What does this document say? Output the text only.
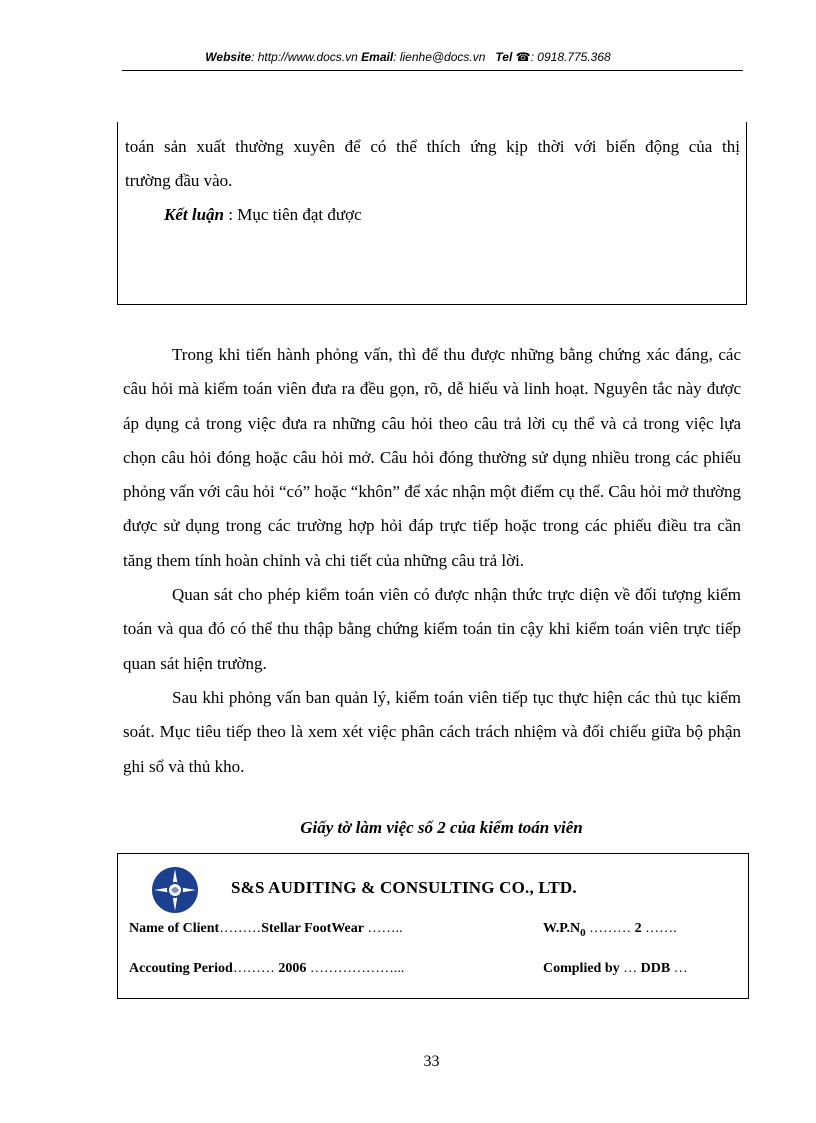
Website: http://www.docs.vn Email: lienhe@docs.vn Tel ☎: 0918.775.368

toán sản xuất thường xuyên để có thể thích ứng kịp thời với biến động của thị

trường đầu vào.

Kết luận : Mục tiên đạt được

Trong khi tiến hành phỏng vấn, thì để thu được những bằng chứng xác đáng, các câu hỏi mà kiểm toán viên đưa ra đều gọn, rõ, dễ hiểu và linh hoạt. Nguyên tắc này được áp dụng cả trong việc đưa ra những câu hỏi theo câu trả lời cụ thể và cả trong việc lựa chọn câu hỏi đóng hoặc câu hỏi mở. Câu hỏi đóng thường sử dụng nhiều trong các phiếu phỏng vấn với câu hỏi “có” hoặc “khôn” để xác nhận một điểm cụ thể. Câu hỏi mở thường được sử dụng trong các trường hợp hỏi đáp trực tiếp hoặc trong các phiếu điều tra cần tăng them tính hoàn chỉnh và chi tiết của những câu trả lời.

Quan sát cho phép kiểm toán viên có được nhận thức trực diện về đối tượng kiểm toán và qua đó có thể thu thập bằng chứng kiểm toán tin cậy khi kiểm toán viên trực tiếp quan sát hiện trường.

Sau khi phỏng vấn ban quản lý, kiểm toán viên tiếp tục thực hiện các thủ tục kiểm soát. Mục tiêu tiếp theo là xem xét việc phân cách trách nhiệm và đối chiếu giữa bộ phận ghi sổ và thủ kho.

Giấy tờ làm việc số 2 của kiểm toán viên
S&S AUDITING & CONSULTING CO., LTD.
Name of Client………Stellar FootWear ……..	$W.P.N_0$ ……… 2 …….
Accouting Period……… 2006 ………………...	Complied by … DDB …
33
